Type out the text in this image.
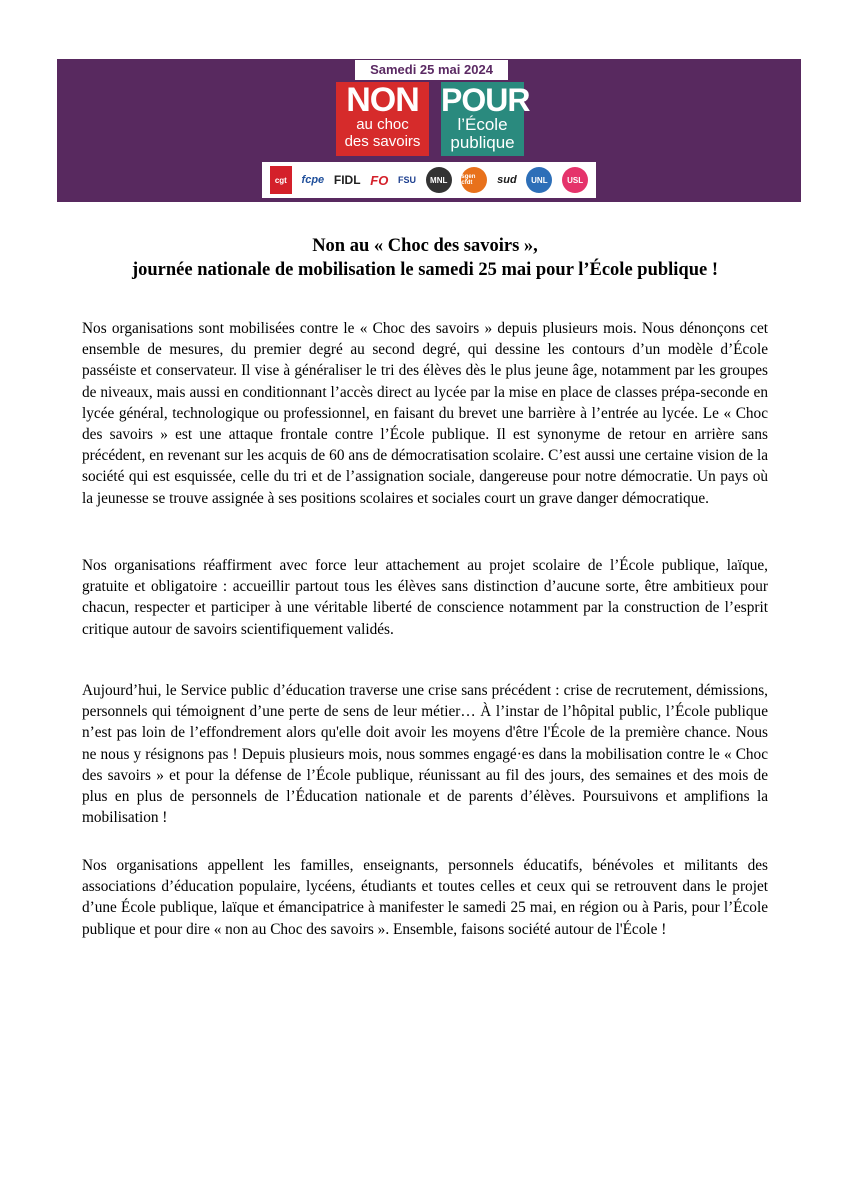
Samedi 25 mai 2024
NON
au choc
des savoirs
POUR
l’École
publique
cgt	fcpe FIDL FO FSU	MNL	sgen cfdt	sud	UNL	USL
Non au « Choc des savoirs »,
journée nationale de mobilisation le samedi 25 mai pour l’École publique !

Nos organisations sont mobilisées contre le « Choc des savoirs » depuis plusieurs mois. Nous dénonçons cet ensemble de mesures, du premier degré au second degré, qui dessine les contours d’un modèle d’École passéiste et conservateur. Il vise à généraliser le tri des élèves dès le plus jeune âge, notamment par les groupes de niveaux, mais aussi en conditionnant l’accès direct au lycée par la mise en place de classes prépa-seconde en lycée général, technologique ou professionnel, en faisant du brevet une barrière à l’entrée au lycée. Le « Choc des savoirs » est une attaque frontale contre l’École publique. Il est synonyme de retour en arrière sans précédent, en revenant sur les acquis de 60 ans de démocratisation scolaire. C’est aussi une certaine vision de la société qui est esquissée, celle du tri et de l’assignation sociale, dangereuse pour notre démocratie. Un pays où la jeunesse se trouve assignée à ses positions scolaires et sociales court un grave danger démocratique.

Nos organisations réaffirment avec force leur attachement au projet scolaire de l’École publique, laïque, gratuite et obligatoire : accueillir partout tous les élèves sans distinction d’aucune sorte, être ambitieux pour chacun, respecter et participer à une véritable liberté de conscience notamment par la construction de l’esprit critique autour de savoirs scientifiquement validés.

Aujourd’hui, le Service public d’éducation traverse une crise sans précédent : crise de recrutement, démissions, personnels qui témoignent d’une perte de sens de leur métier… À l’instar de l’hôpital public, l’École publique n’est pas loin de l’effondrement alors qu'elle doit avoir les moyens d'être l'École de la première chance. Nous ne nous y résignons pas ! Depuis plusieurs mois, nous sommes engagé·es dans la mobilisation contre le « Choc des savoirs » et pour la défense de l’École publique, réunissant au fil des jours, des semaines et des mois de plus en plus de personnels de l’Éducation nationale et de parents d’élèves. Poursuivons et amplifions la mobilisation !

Nos organisations appellent les familles, enseignants, personnels éducatifs, bénévoles et militants des associations d’éducation populaire, lycéens, étudiants et toutes celles et ceux qui se retrouvent dans le projet d’une École publique, laïque et émancipatrice à manifester le samedi 25 mai, en région ou à Paris, pour l’École publique et pour dire « non au Choc des savoirs ». Ensemble, faisons société autour de l'École !
